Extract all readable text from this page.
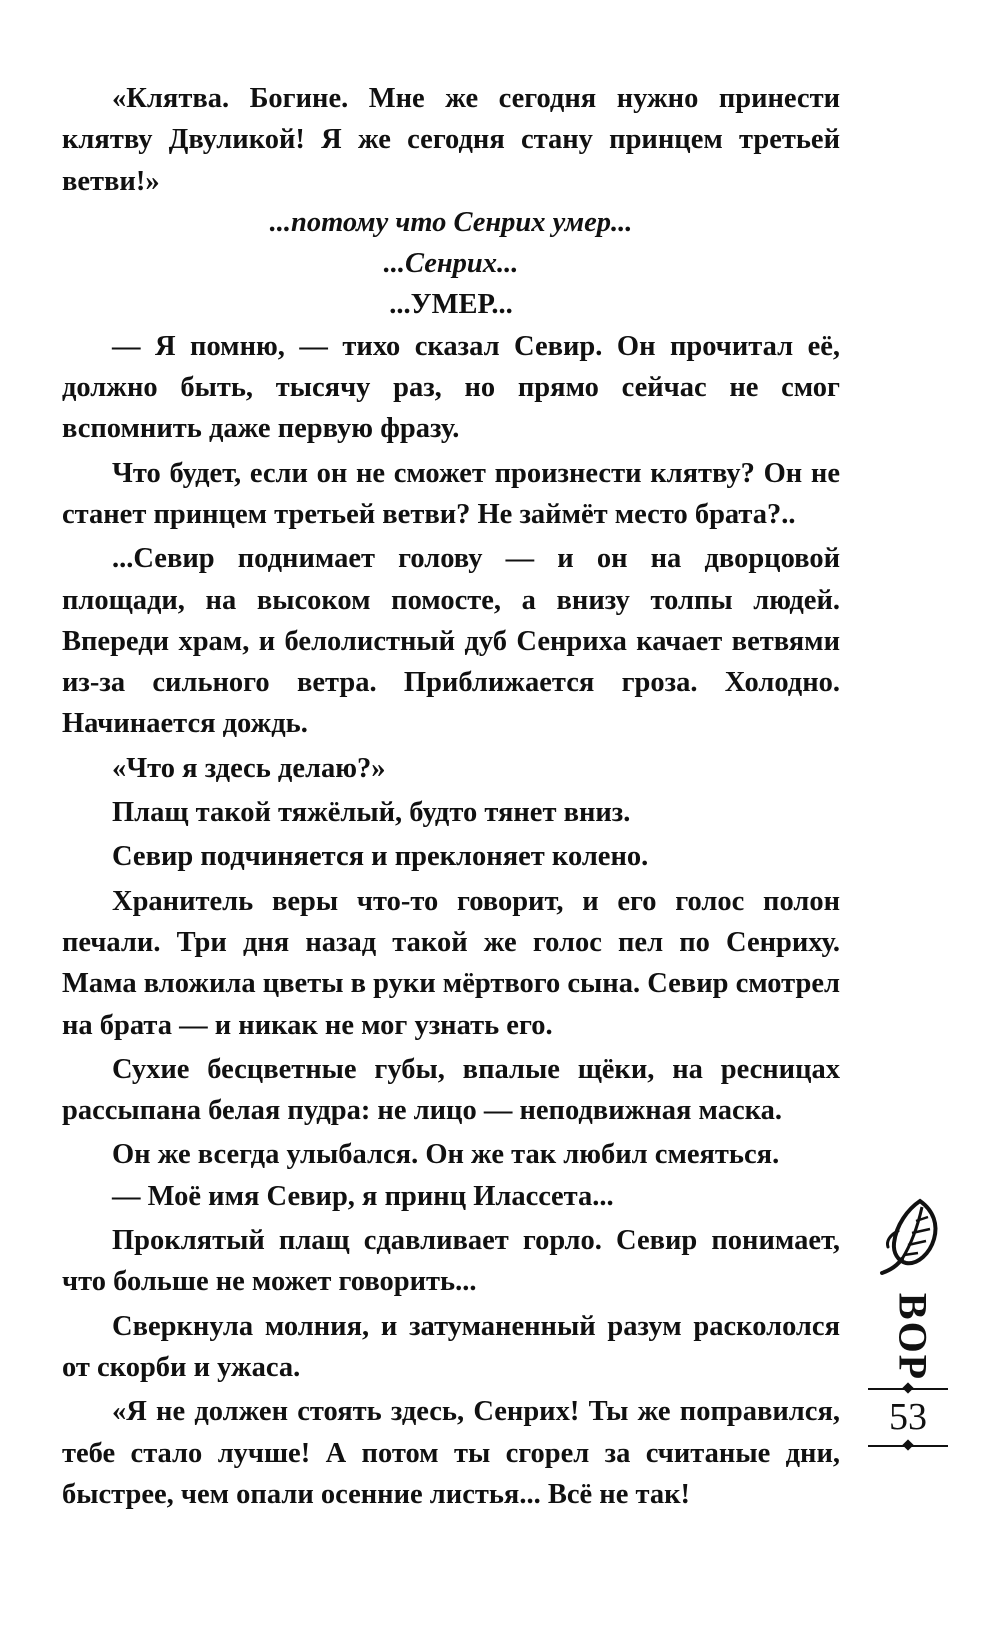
«Клятва. Богине. Мне же сегодня нужно принести клятву Двуликой! Я же сегодня стану принцем третьей ветви!»

...потому что Сенрих умер...

...Сенрих...

...УМЕР...

— Я помню, — тихо сказал Севир. Он прочитал её, должно быть, тысячу раз, но прямо сейчас не смог вспомнить даже первую фразу.

Что будет, если он не сможет произнести клятву? Он не станет принцем третьей ветви? Не займёт место брата?..

...Севир поднимает голову — и он на дворцовой площади, на высоком помосте, а внизу толпы людей. Впереди храм, и белолистный дуб Сенриха качает ветвями из-за сильного ветра. Приближается гроза. Холодно. Начинается дождь.

«Что я здесь делаю?»

Плащ такой тяжёлый, будто тянет вниз.

Севир подчиняется и преклоняет колено.

Хранитель веры что-то говорит, и его голос полон печали. Три дня назад такой же голос пел по Сенриху. Мама вложила цветы в руки мёртвого сына. Севир смотрел на брата — и никак не мог узнать его.

Сухие бесцветные губы, впалые щёки, на ресницах рассыпана белая пудра: не лицо — неподвижная маска.

Он же всегда улыбался. Он же так любил смеяться.

— Моё имя Севир, я принц Иласcета...

Проклятый плащ сдавливает горло. Севир понимает, что больше не может говорить...

Сверкнула молния, и затуманенный разум раскололся от скорби и ужаса.

«Я не должен стоять здесь, Сенрих! Ты же поправился, тебе стало лучше! А потом ты сгорел за считаные дни, быстрее, чем опали осенние листья... Всё не так!

ВОР
53
